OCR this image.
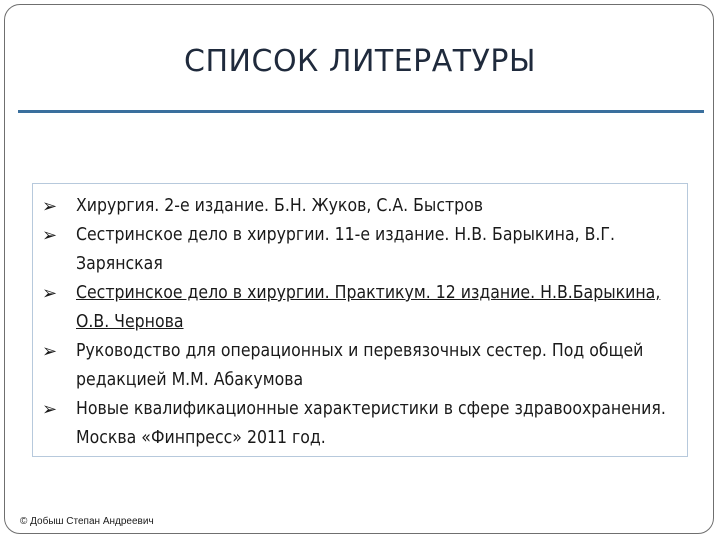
СПИСОК ЛИТЕРАТУРЫ
➢ Хирургия. 2-е издание. Б.Н. Жуков, С.А. Быстров
➢ Сестринское дело в хирургии. 11-е издание. Н.В. Барыкина, В.Г. Зарянская
➢ Сестринское дело в хирургии. Практикум. 12 издание. Н.В.Барыкина, О.В. Чернова
➢ Руководство для операционных и перевязочных сестер. Под общей редакцией М.М. Абакумова
➢ Новые квалификационные характеристики в сфере здравоохранения. Москва «Финпресс» 2011 год.
© Добыш Степан Андреевич
